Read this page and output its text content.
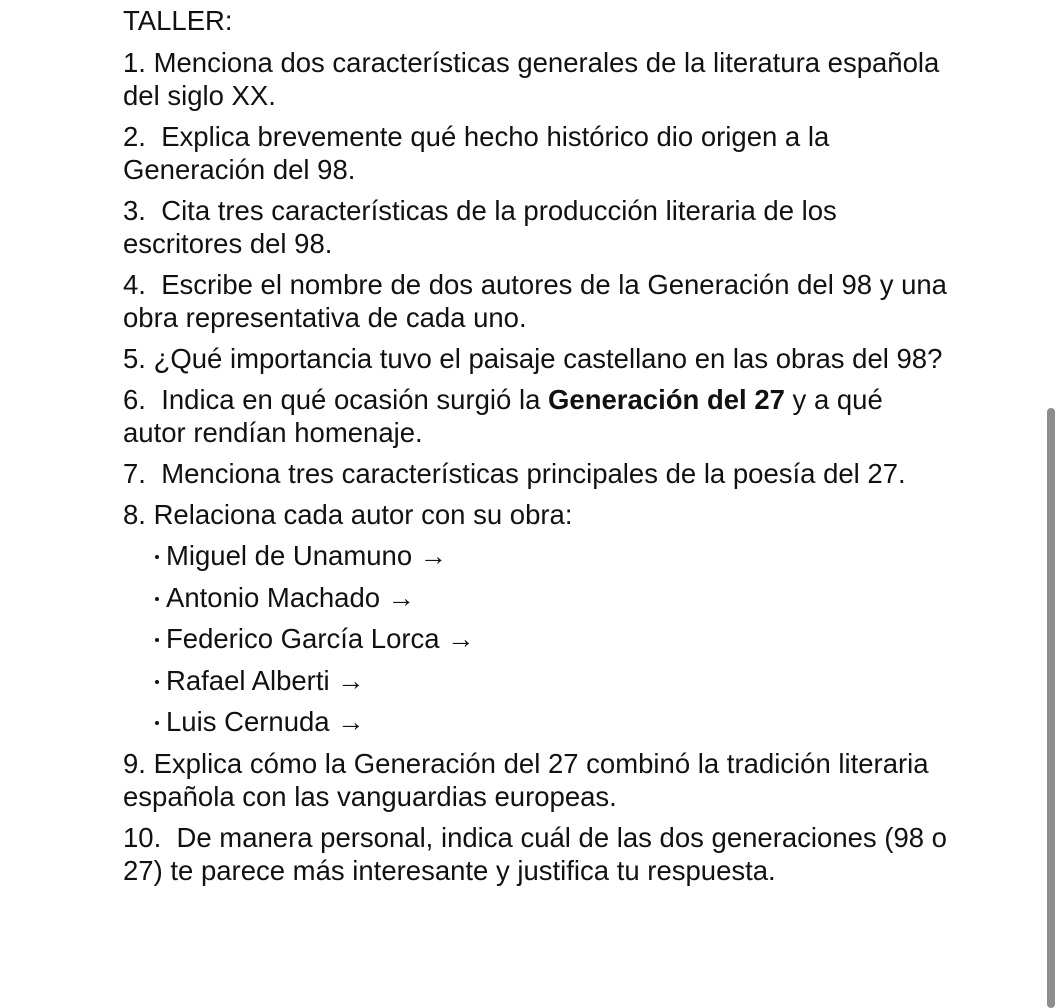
TALLER:
1. Menciona dos características generales de la literatura española del siglo XX.
2.  Explica brevemente qué hecho histórico dio origen a la Generación del 98.
3.  Cita tres características de la producción literaria de los escritores del 98.
4.  Escribe el nombre de dos autores de la Generación del 98 y una obra representativa de cada uno.
5. ¿Qué importancia tuvo el paisaje castellano en las obras del 98?
6.  Indica en qué ocasión surgió la Generación del 27 y a qué autor rendían homenaje.
7.  Menciona tres características principales de la poesía del 27.
8. Relaciona cada autor con su obra:
Miguel de Unamuno →
Antonio Machado →
Federico García Lorca →
Rafael Alberti →
Luis Cernuda →
9. Explica cómo la Generación del 27 combinó la tradición literaria española con las vanguardias europeas.
10.  De manera personal, indica cuál de las dos generaciones (98 o 27) te parece más interesante y justifica tu respuesta.
